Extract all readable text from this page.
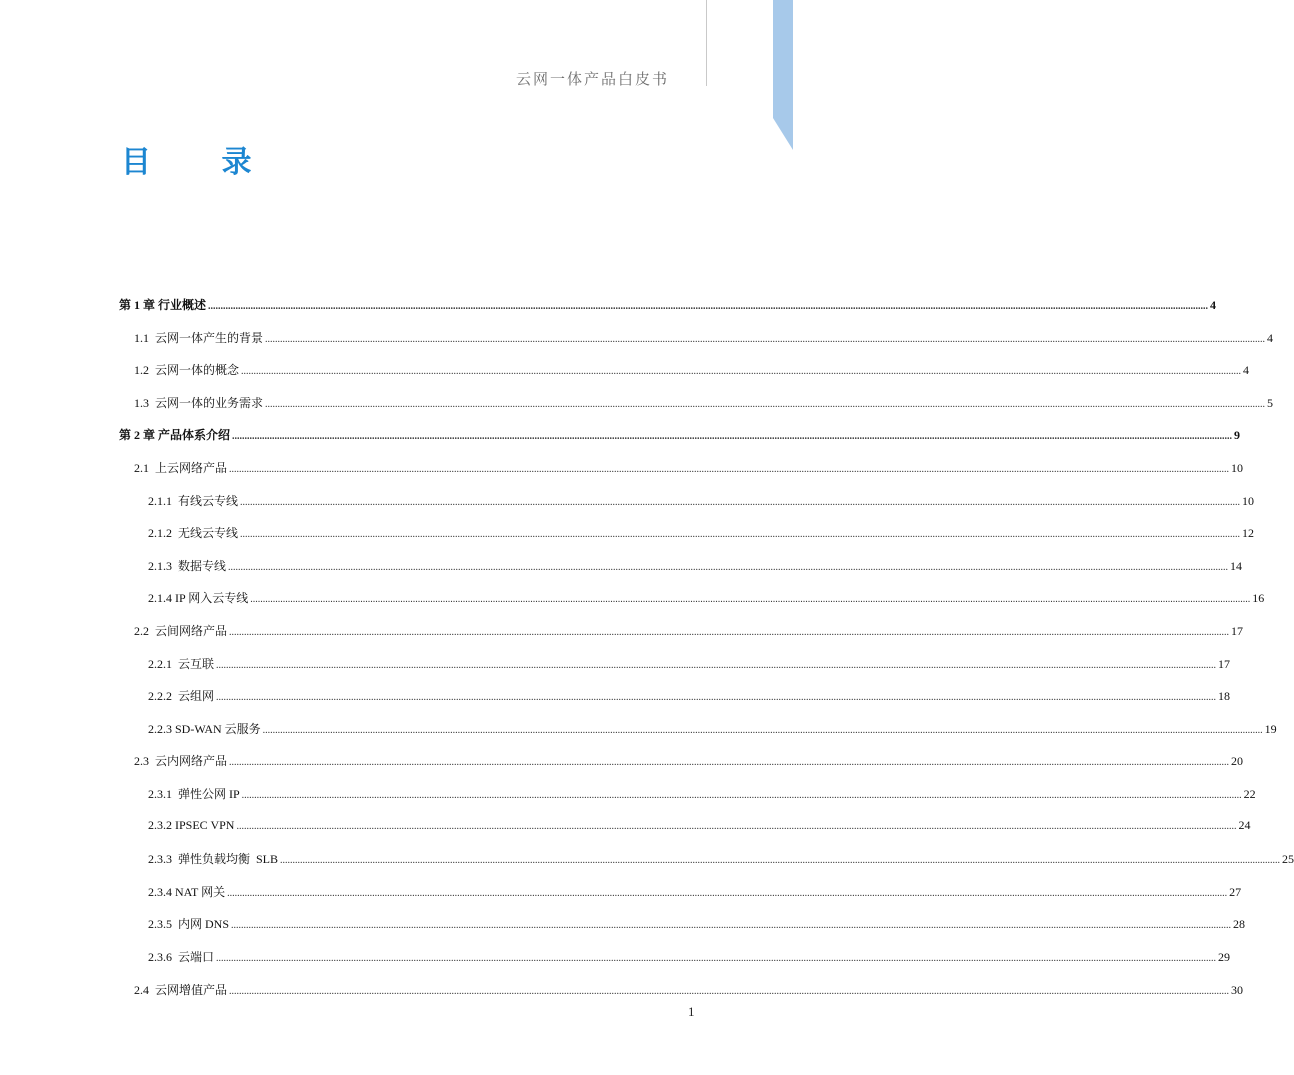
云网一体产品白皮书
目 录
第 1 章 行业概述 ................................................................................................................................................................................................................................................................................................................................................................................................................ 4
1.1  云网一体产生的背景 ................................................................................................................................................................................................................................................................................................................................................................................................................ 4
1.2  云网一体的概念 ................................................................................................................................................................................................................................................................................................................................................................................................................ 4
1.3  云网一体的业务需求 ................................................................................................................................................................................................................................................................................................................................................................................................................ 5
第 2 章 产品体系介绍 ................................................................................................................................................................................................................................................................................................................................................................................................................ 9
2.1  上云网络产品 ................................................................................................................................................................................................................................................................................................................................................................................................................ 10
2.1.1  有线云专线 ................................................................................................................................................................................................................................................................................................................................................................................................................ 10
2.1.2  无线云专线 ................................................................................................................................................................................................................................................................................................................................................................................................................ 12
2.1.3  数据专线 ................................................................................................................................................................................................................................................................................................................................................................................................................ 14
2.1.4 IP 网入云专线 ................................................................................................................................................................................................................................................................................................................................................................................................................ 16
2.2  云间网络产品 ................................................................................................................................................................................................................................................................................................................................................................................................................ 17
2.2.1  云互联 ................................................................................................................................................................................................................................................................................................................................................................................................................ 17
2.2.2  云组网 ................................................................................................................................................................................................................................................................................................................................................................................................................ 18
2.2.3 SD-WAN 云服务 ................................................................................................................................................................................................................................................................................................................................................................................................................ 19
2.3  云内网络产品 ................................................................................................................................................................................................................................................................................................................................................................................................................ 20
2.3.1  弹性公网 IP ................................................................................................................................................................................................................................................................................................................................................................................................................ 22
2.3.2 IPSEC VPN ................................................................................................................................................................................................................................................................................................................................................................................................................ 24
2.3.3  弹性负载均衡  SLB ................................................................................................................................................................................................................................................................................................................................................................................................................ 25
2.3.4 NAT 网关 ................................................................................................................................................................................................................................................................................................................................................................................................................ 27
2.3.5  内网 DNS ................................................................................................................................................................................................................................................................................................................................................................................................................ 28
2.3.6  云端口 ................................................................................................................................................................................................................................................................................................................................................................................................................ 29
2.4  云网增值产品 ................................................................................................................................................................................................................................................................................................................................................................................................................ 30
1
